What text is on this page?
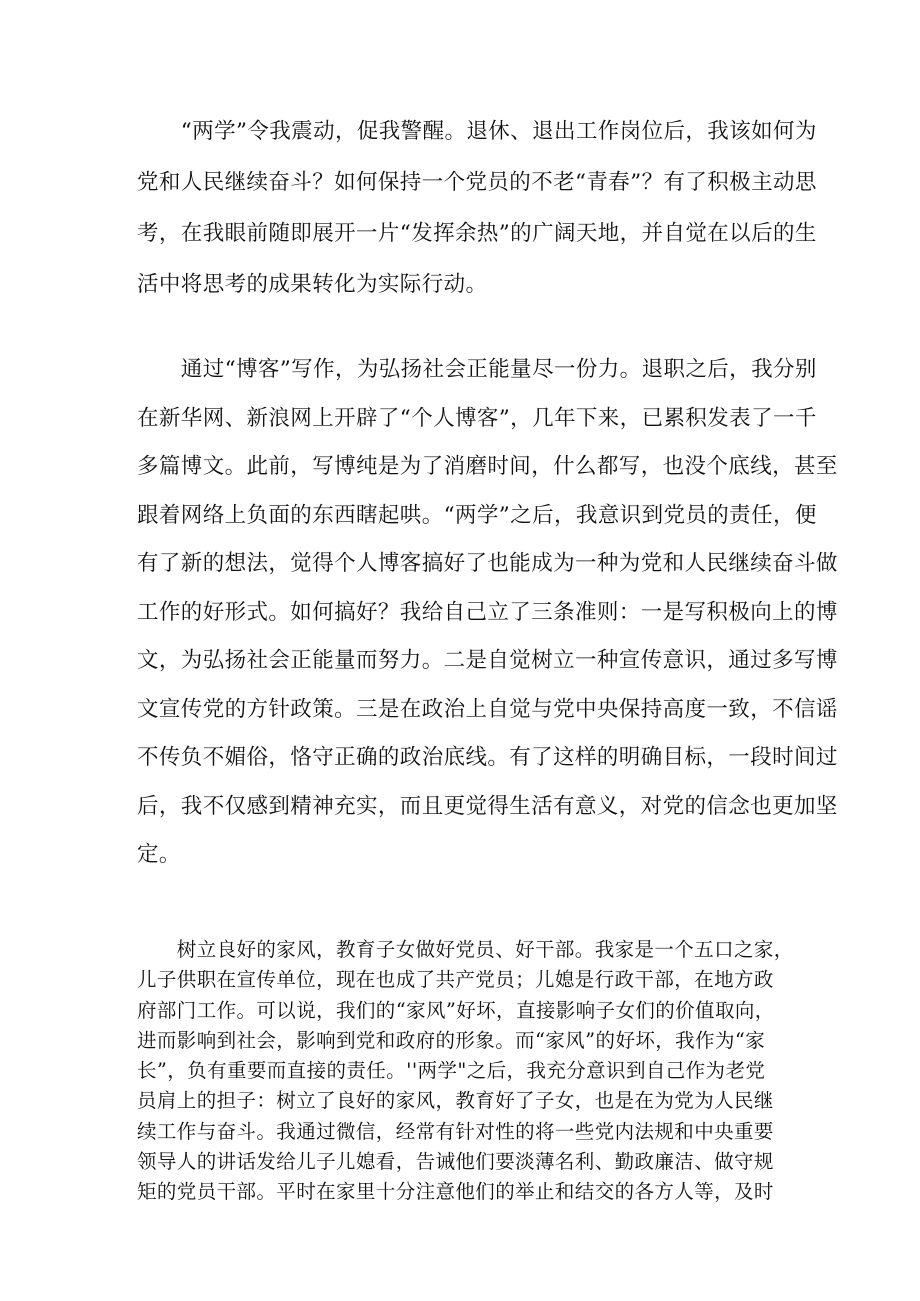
　　“两学”令我震动，促我警醒。退休、退出工作岗位后，我该如何为
党和人民继续奋斗？如何保持一个党员的不老“青春”？有了积极主动思
考，在我眼前随即展开一片“发挥余热”的广阔天地，并自觉在以后的生
活中将思考的成果转化为实际行动。
　　通过“博客”写作，为弘扬社会正能量尽一份力。退职之后，我分别
在新华网、新浪网上开辟了“个人博客”，几年下来，已累积发表了一千
多篇博文。此前，写博纯是为了消磨时间，什么都写，也没个底线，甚至
跟着网络上负面的东西瞎起哄。“两学”之后，我意识到党员的责任，便
有了新的想法，觉得个人博客搞好了也能成为一种为党和人民继续奋斗做
工作的好形式。如何搞好？我给自己立了三条准则：一是写积极向上的博
文，为弘扬社会正能量而努力。二是自觉树立一种宣传意识，通过多写博
文宣传党的方针政策。三是在政治上自觉与党中央保持高度一致，不信谣
不传负不媚俗，恪守正确的政治底线。有了这样的明确目标，一段时间过
后，我不仅感到精神充实，而且更觉得生活有意义，对党的信念也更加坚
定。
　　树立良好的家风，教育子女做好党员、好干部。我家是一个五口之家，
儿子供职在宣传单位，现在也成了共产党员；儿媳是行政干部，在地方政
府部门工作。可以说，我们的“家风”好坏，直接影响子女们的价值取向，
进而影响到社会，影响到党和政府的形象。而“家风”的好坏，我作为“家
长”，负有重要而直接的责任。''两学"之后，我充分意识到自己作为老党
员肩上的担子：树立了良好的家风，教育好了子女，也是在为党为人民继
续工作与奋斗。我通过微信，经常有针对性的将一些党内法规和中央重要
领导人的讲话发给儿子儿媳看，告诫他们要淡薄名利、勤政廉洁、做守规
矩的党员干部。平时在家里十分注意他们的举止和结交的各方人等，及时
